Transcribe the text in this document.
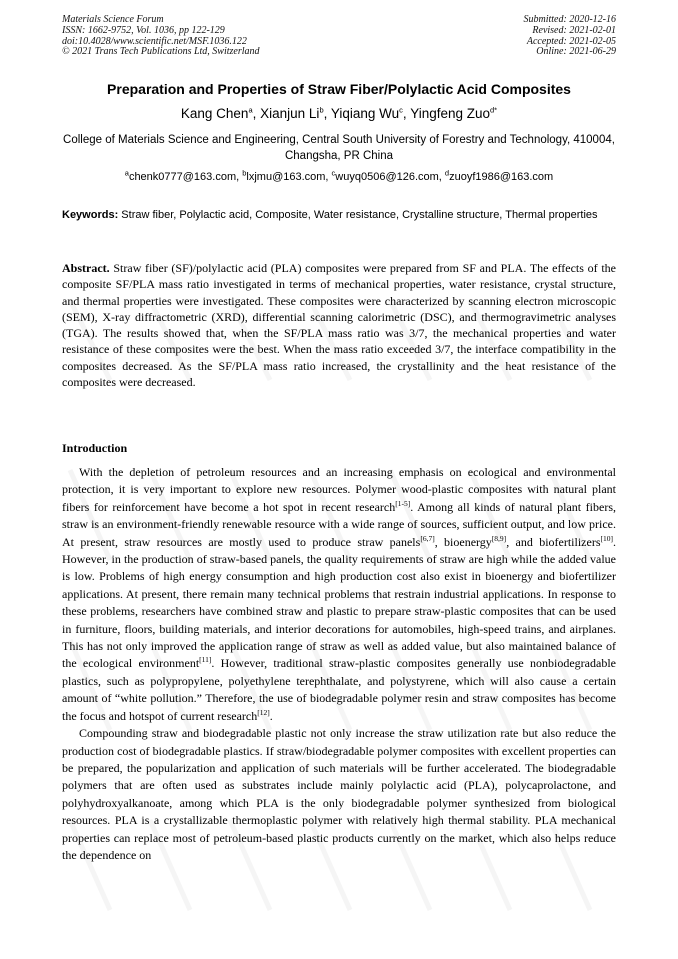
Materials Science Forum
ISSN: 1662-9752, Vol. 1036, pp 122-129
doi:10.4028/www.scientific.net/MSF.1036.122
© 2021 Trans Tech Publications Ltd, Switzerland
Submitted: 2020-12-16
Revised: 2021-02-01
Accepted: 2021-02-05
Online: 2021-06-29
Preparation and Properties of Straw Fiber/Polylactic Acid Composites
Kang Chen$^a$, Xianjun Li$^b$, Yiqiang Wu$^c$, Yingfeng Zuo$^{d*}$
College of Materials Science and Engineering, Central South University of Forestry and Technology, 410004, Changsha, PR China
$^a$chenk0777@163.com, $^b$lxjmu@163.com, $^c$wuyq0506@126.com, $^d$zuoyf1986@163.com
Keywords: Straw fiber, Polylactic acid, Composite, Water resistance, Crystalline structure, Thermal properties
Abstract. Straw fiber (SF)/polylactic acid (PLA) composites were prepared from SF and PLA. The effects of the composite SF/PLA mass ratio investigated in terms of mechanical properties, water resistance, crystal structure, and thermal properties were investigated. These composites were characterized by scanning electron microscopic (SEM), X-ray diffractometric (XRD), differential scanning calorimetric (DSC), and thermogravimetric analyses (TGA). The results showed that, when the SF/PLA mass ratio was 3/7, the mechanical properties and water resistance of these composites were the best. When the mass ratio exceeded 3/7, the interface compatibility in the composites decreased. As the SF/PLA mass ratio increased, the crystallinity and the heat resistance of the composites were decreased.
Introduction

With the depletion of petroleum resources and an increasing emphasis on ecological and environmental protection, it is very important to explore new resources. Polymer wood-plastic composites with natural plant fibers for reinforcement have become a hot spot in recent research[1-5]. Among all kinds of natural plant fibers, straw is an environment-friendly renewable resource with a wide range of sources, sufficient output, and low price. At present, straw resources are mostly used to produce straw panels[6,7], bioenergy[8,9], and biofertilizers[10]. However, in the production of straw-based panels, the quality requirements of straw are high while the added value is low. Problems of high energy consumption and high production cost also exist in bioenergy and biofertilizer applications. At present, there remain many technical problems that restrain industrial applications. In response to these problems, researchers have combined straw and plastic to prepare straw-plastic composites that can be used in furniture, floors, building materials, and interior decorations for automobiles, high-speed trains, and airplanes. This has not only improved the application range of straw as well as added value, but also maintained balance of the ecological environment[11]. However, traditional straw-plastic composites generally use nonbiodegradable plastics, such as polypropylene, polyethylene terephthalate, and polystyrene, which will also cause a certain amount of “white pollution.” Therefore, the use of biodegradable polymer resin and straw composites has become the focus and hotspot of current research[12].

Compounding straw and biodegradable plastic not only increase the straw utilization rate but also reduce the production cost of biodegradable plastics. If straw/biodegradable polymer composites with excellent properties can be prepared, the popularization and application of such materials will be further accelerated. The biodegradable polymers that are often used as substrates include mainly polylactic acid (PLA), polycaprolactone, and polyhydroxyalkanoate, among which PLA is the only biodegradable polymer synthesized from biological resources. PLA is a crystallizable thermoplastic polymer with relatively high thermal stability. PLA mechanical properties can replace most of petroleum-based plastic products currently on the market, which also helps reduce the dependence on
